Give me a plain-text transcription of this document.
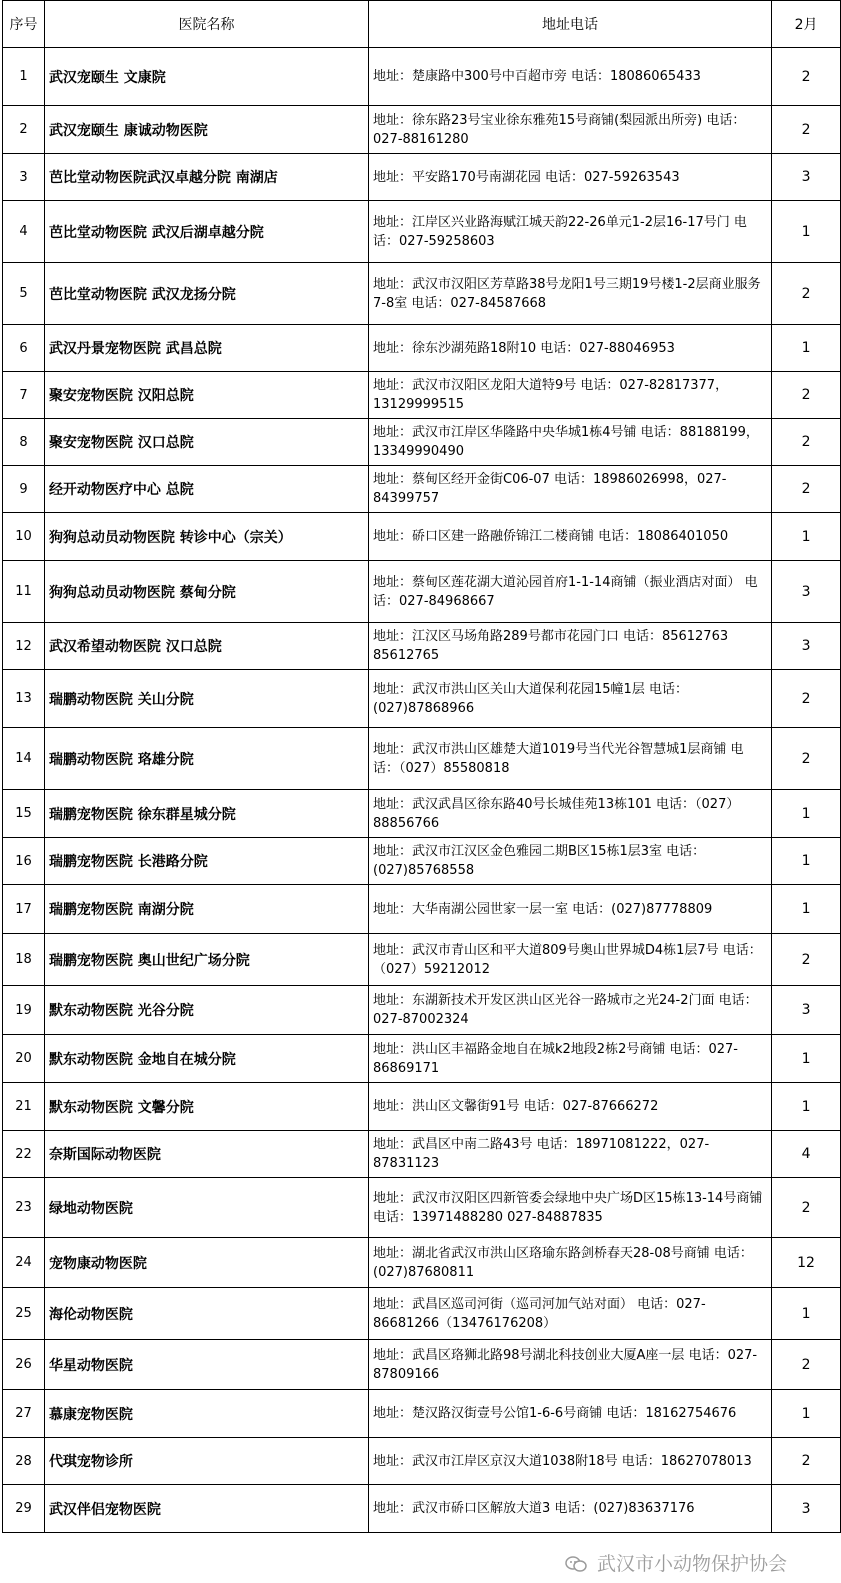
序号	医院名称	地址电话	2月
1	武汉宠颐生 文康院	地址：楚康路中300号中百超市旁 电话：18086065433	2
2	武汉宠颐生 康诚动物医院	地址：徐东路23号宝业徐东雅苑15号商铺(梨园派出所旁) 电话：027-88161280	2
3	芭比堂动物医院武汉卓越分院 南湖店	地址：平安路170号南湖花园 电话：027-59263543	3
4	芭比堂动物医院 武汉后湖卓越分院	地址：江岸区兴业路海赋江城天韵22-26单元1-2层16-17号门 电话：027-59258603	1
5	芭比堂动物医院 武汉龙扬分院	地址：武汉市汉阳区芳草路38号龙阳1号三期19号楼1-2层商业服务7-8室 电话：027-84587668	2
6	武汉丹景宠物医院 武昌总院	地址：徐东沙湖苑路18附10 电话：027-88046953	1
7	聚安宠物医院 汉阳总院	地址：武汉市汉阳区龙阳大道特9号 电话：027-82817377，13129999515	2
8	聚安宠物医院 汉口总院	地址：武汉市江岸区华隆路中央华城1栋4号铺 电话：88188199，13349990490	2
9	经开动物医疗中心 总院	地址：蔡甸区经开金街C06-07 电话：18986026998，027-84399757	2
10	狗狗总动员动物医院 转诊中心（宗关）	地址：硚口区建一路融侨锦江二楼商铺 电话：18086401050	1
11	狗狗总动员动物医院 蔡甸分院	地址：蔡甸区莲花湖大道沁园首府1-1-14商铺（振业酒店对面） 电话：027-84968667	3
12	武汉希望动物医院 汉口总院	地址：江汉区马场角路289号都市花园门口 电话：85612763 85612765	3
13	瑞鹏动物医院 关山分院	地址：武汉市洪山区关山大道保利花园15幢1层 电话：(027)87868966	2
14	瑞鹏动物医院 珞雄分院	地址：武汉市洪山区雄楚大道1019号当代光谷智慧城1层商铺 电话：（027）85580818	2
15	瑞鹏宠物医院 徐东群星城分院	地址：武汉武昌区徐东路40号长城佳苑13栋101 电话：（027）88856766	1
16	瑞鹏宠物医院 长港路分院	地址：武汉市江汉区金色雅园二期B区15栋1层3室 电话：(027)85768558	1
17	瑞鹏宠物医院 南湖分院	地址：大华南湖公园世家一层一室 电话：(027)87778809	1
18	瑞鹏宠物医院 奥山世纪广场分院	地址：武汉市青山区和平大道809号奥山世界城D4栋1层7号 电话：（027）59212012	2
19	默东动物医院 光谷分院	地址：东湖新技术开发区洪山区光谷一路城市之光24-2门面 电话：027-87002324	3
20	默东动物医院 金地自在城分院	地址：洪山区丰福路金地自在城k2地段2栋2号商铺 电话：027-86869171	1
21	默东动物医院 文馨分院	地址：洪山区文馨街91号 电话：027-87666272	1
22	奈斯国际动物医院	地址：武昌区中南二路43号 电话：18971081222，027-87831123	4
23	绿地动物医院	地址：武汉市汉阳区四新管委会绿地中央广场D区15栋13-14号商铺 电话：13971488280 027-84887835	2
24	宠物康动物医院	地址：湖北省武汉市洪山区珞瑜东路剑桥春天28-08号商铺 电话：(027)87680811	12
25	海伦动物医院	地址：武昌区巡司河街（巡司河加气站对面） 电话：027-86681266（13476176208）	1
26	华星动物医院	地址：武昌区珞狮北路98号湖北科技创业大厦A座一层 电话：027-87809166	2
27	慕康宠物医院	地址：楚汉路汉街壹号公馆1-6-6号商铺 电话：18162754676	1
28	代琪宠物诊所	地址：武汉市江岸区京汉大道1038附18号 电话：18627078013	2
29	武汉伴侣宠物医院	地址：武汉市硚口区解放大道3 电话：(027)83637176	3
武汉市小动物保护协会
